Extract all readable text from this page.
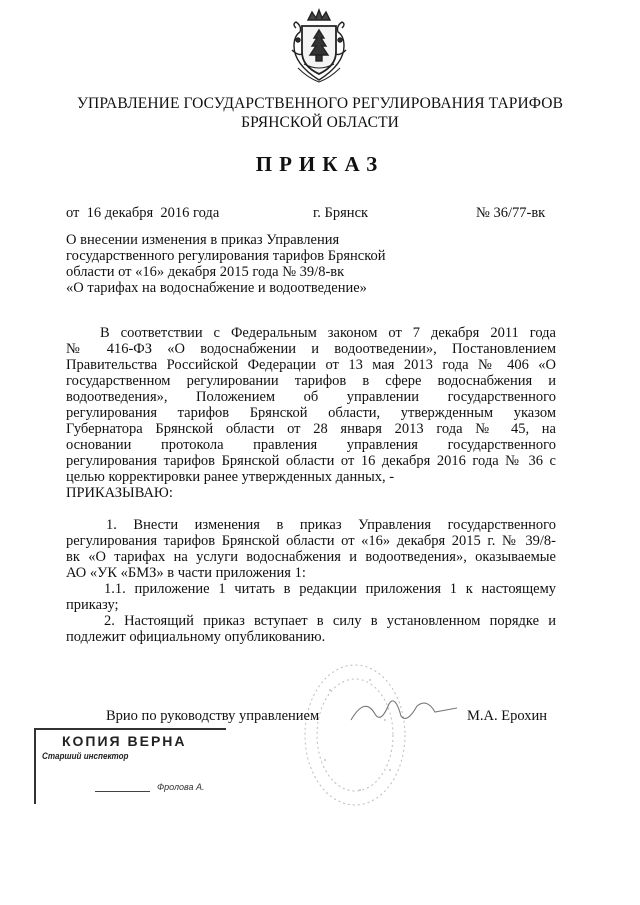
УПРАВЛЕНИЕ ГОСУДАРСТВЕННОГО РЕГУЛИРОВАНИЯ ТАРИФОВ
БРЯНСКОЙ ОБЛАСТИ
ПРИКАЗ
от  16 декабря  2016 года	г. Брянск	№ 36/77-вк
О внесении изменения в приказ Управления
государственного регулирования тарифов Брянской
области от «16» декабря 2015 года № 39/8-вк
«О тарифах на водоснабжение и водоотведение»
В соответствии с Федеральным законом от 7 декабря 2011 года
№ 416-ФЗ «О водоснабжении и водоотведении», Постановлением
Правительства Российской Федерации от 13 мая 2013 года № 406 «О
государственном регулировании тарифов в сфере водоснабжения и
водоотведения», Положением об управлении государственного
регулирования тарифов Брянской области, утвержденным указом
Губернатора Брянской области от 28 января 2013 года № 45, на
основании протокола правления управления государственного
регулирования тарифов Брянской области от 16 декабря 2016 года № 36 с
целью корректировки ранее утвержденных данных, -
ПРИКАЗЫВАЮ:
1. Внести изменения в приказ Управления государственного
регулирования тарифов Брянской области от «16» декабря 2015 г. № 39/8-
вк «О тарифах на услуги водоснабжения и водоотведения», оказываемые
АО «УК «БМЗ» в части приложения 1:
1.1. приложение 1 читать в редакции приложения 1 к настоящему
приказу;
2. Настоящий приказ вступает в силу в установленном порядке и
подлежит официальному опубликованию.
Врио по руководству управлением	М.А. Ерохин
КОПИЯ ВЕРНА
Старший инспектор
Фролова А.
